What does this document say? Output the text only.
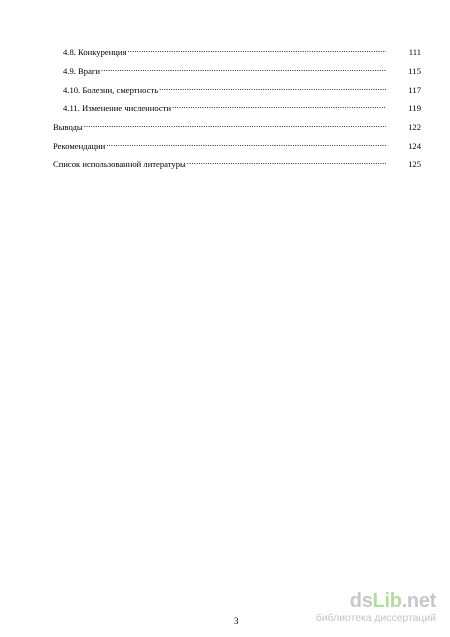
4.8. Конкуренция .....	111
4.9. Враги .....	115
4.10. Болезни, смертность .....	117
4.11. Изменение численности .....	119
Выводы .....	122
Рекомендации .....	124
Список использованной литературы .....	125
3
dsLib.net
библиотека диссертаций
